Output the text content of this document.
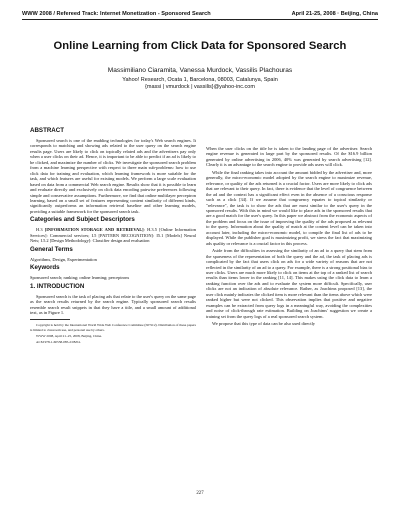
WWW 2008 / Refereed Track: Internet Monetization - Sponsored Search	April 21-25, 2008 · Beijing, China
Online Learning from Click Data for Sponsored Search
Massimiliano Ciaramita, Vanessa Murdock, Vassilis Plachouras
Yahoo! Research, Ocata 1, Barcelona, 08003, Catalunya, Spain
{massi | vmurdock | vassilis}@yahoo-inc.com
ABSTRACT

Sponsored search is one of the enabling technologies for today's Web search engines. It corresponds to matching and showing ads related to the user query on the search engine results page. Users are likely to click on topically related ads and the advertisers pay only when a user clicks on their ad. Hence, it is important to be able to predict if an ad is likely to be clicked, and maximize the number of clicks. We investigate the sponsored search problem from a machine learning perspective with respect to three main sub-problems: how to use click data for training and evaluation, which learning framework is more suitable for the task, and which features are useful for existing models. We perform a large scale evaluation based on data from a commercial Web search engine. Results show that it is possible to learn and evaluate directly and exclusively on click data encoding pairwise preferences following simple and conservative assumptions. Furthermore, we find that online multilayer perceptron learning, based on a small set of features representing content similarity of different kinds, significantly outperforms an information retrieval baseline and other learning models, providing a suitable framework for the sponsored search task.

Categories and Subject Descriptors

H.3 [INFORMATION STORAGE AND RETRIEVAL]: H.3.5 [Online Information Services]: Commercial services; I.5 [PATTERN RECOGNITION]: I5.1 [Models] Neural Nets; I.5.2 [Design Methodology]: Classifier design and evaluation

General Terms

Algorithms, Design, Experimentation

Keywords

Sponsored search; ranking; online learning; perceptrons

1. INTRODUCTION

Sponsored search is the task of placing ads that relate to the user's query on the same page as the search results returned by the search engine. Typically sponsored search results resemble search result snippets in that they have a title, and a small amount of additional text, as in Figure 1.

Copyright is held by the International World Wide Web Conference Committee (IW3C2). Distribution of these papers is limited to classroom use, and personal use by others.

WWW 2008, April 21–25, 2008, Beijing, China.

ACM 978-1-60558-085-2/08/04.

When the user clicks on the title he is taken to the landing page of the advertiser. Search engine revenue is generated in large part by the sponsored results. Of the $16.9 billion generated by online advertising in 2006, 40% was generated by search advertising [12]. Clearly it is an advantage to the search engine to provide ads users will click.

While the final ranking takes into account the amount bidded by the advertiser and, more generally, the micro-economic model adopted by the search engine to maximize revenue, relevance, or quality of the ads returned is a crucial factor. Users are more likely to click ads that are relevant to their query. In fact, there is evidence that the level of congruence between the ad and the context has a significant effect even in the absence of a conscious response such as a click [34]. If we assume that congruency equates to topical similarity or "relevance", the task is to show the ads that are most similar to the user's query in the sponsored results. With this in mind we would like to place ads in the sponsored results that are a good match for the user's query. In this paper we abstract from the economic aspects of the problem and focus on the issue of improving the quality of the ads proposed as relevant to the query. Information about the quality of match at the content level can be taken into account later, including the micro-economic model, to compile the final list of ads to be displayed. While the publisher goal is maximizing profit, we stress the fact that maximizing ads quality or relevance is a crucial factor in this process.

Aside from the difficulties in assessing the similarity of an ad to a query that stem from the sparseness of the representation of both the query and the ad, the task of placing ads is complicated by the fact that users click on ads for a wide variety of reasons that are not reflected in the similarity of an ad to a query. For example, there is a strong positional bias to user clicks. Users are much more likely to click on items at the top of a ranked list of search results than items lower in the ranking [11, 14]. This makes using the click data to learn a ranking function over the ads and to evaluate the system more difficult. Specifically, user clicks are not an indication of absolute relevance. Rather, as Joachims proposed [13], the user click mainly indicates the clicked item is more relevant than the items above which were ranked higher but were not clicked. This observation implies that positive and negative examples can be extracted from query logs in a meaningful way, avoiding the complexities and noise of click-through rate estimation. Building on Joachims' suggestion we create a training set from the query logs of a real sponsored search system.

We propose that this type of data can be also used directly

227
